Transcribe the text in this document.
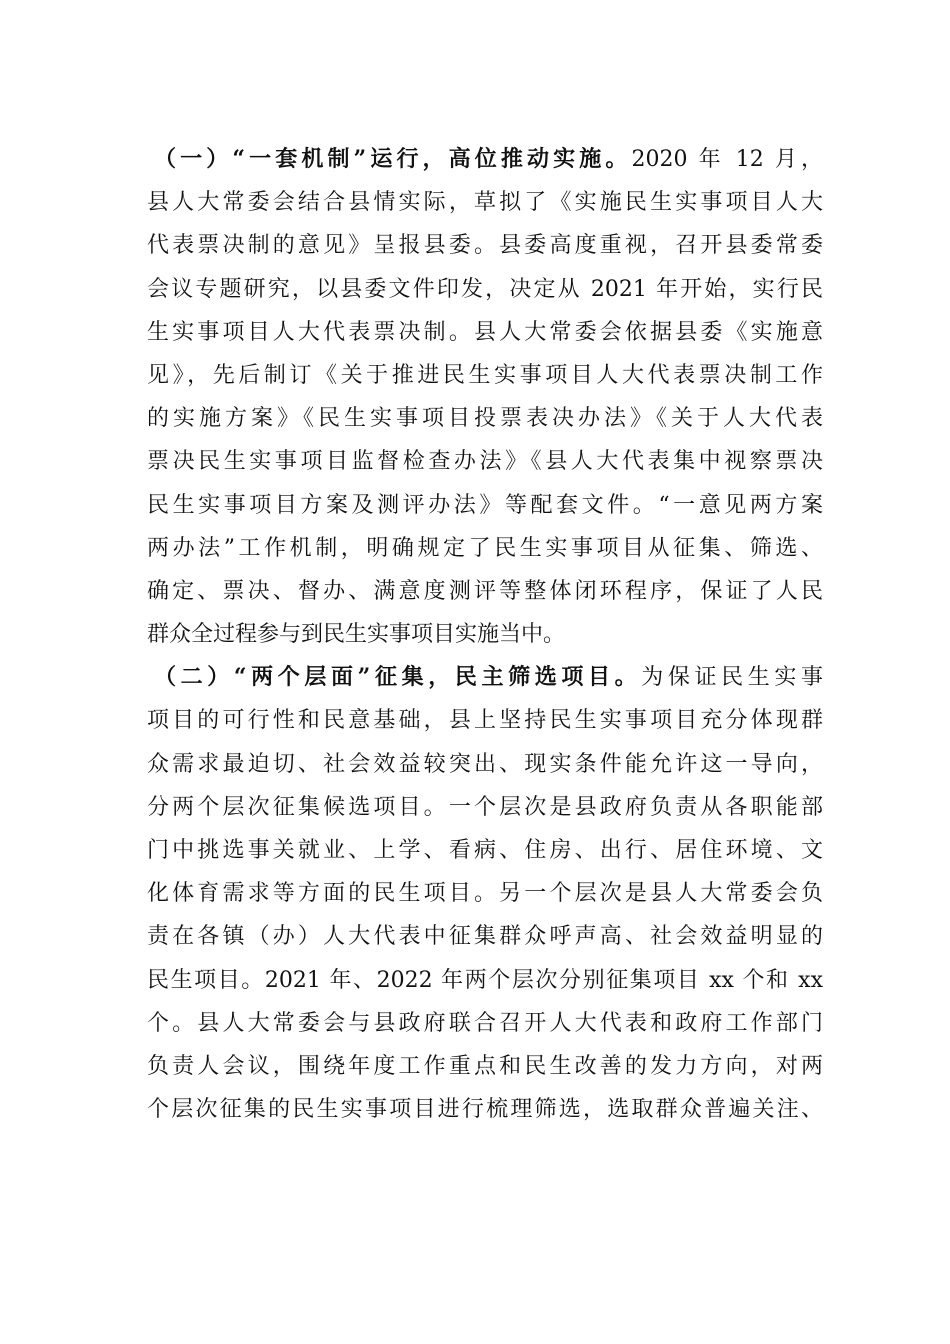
（一）“一套机制”运行，高位推动实施。2020 年 12 月，
县人大常委会结合县情实际，草拟了《实施民生实事项目人大
代表票决制的意见》呈报县委。县委高度重视，召开县委常委
会议专题研究，以县委文件印发，决定从 2021 年开始，实行民
生实事项目人大代表票决制。县人大常委会依据县委《实施意
见》，先后制订《关于推进民生实事项目人大代表票决制工作
的实施方案》《民生实事项目投票表决办法》《关于人大代表
票决民生实事项目监督检查办法》《县人大代表集中视察票决
民生实事项目方案及测评办法》等配套文件。“一意见两方案
两办法”工作机制，明确规定了民生实事项目从征集、筛选、
确定、票决、督办、满意度测评等整体闭环程序，保证了人民
群众全过程参与到民生实事项目实施当中。
（二）“两个层面”征集，民主筛选项目。为保证民生实事
项目的可行性和民意基础，县上坚持民生实事项目充分体现群
众需求最迫切、社会效益较突出、现实条件能允许这一导向，
分两个层次征集候选项目。一个层次是县政府负责从各职能部
门中挑选事关就业、上学、看病、住房、出行、居住环境、文
化体育需求等方面的民生项目。另一个层次是县人大常委会负
责在各镇（办）人大代表中征集群众呼声高、社会效益明显的
民生项目。2021 年、2022 年两个层次分别征集项目 xx 个和 xx
个。县人大常委会与县政府联合召开人大代表和政府工作部门
负责人会议，围绕年度工作重点和民生改善的发力方向，对两
个层次征集的民生实事项目进行梳理筛选，选取群众普遍关注、
